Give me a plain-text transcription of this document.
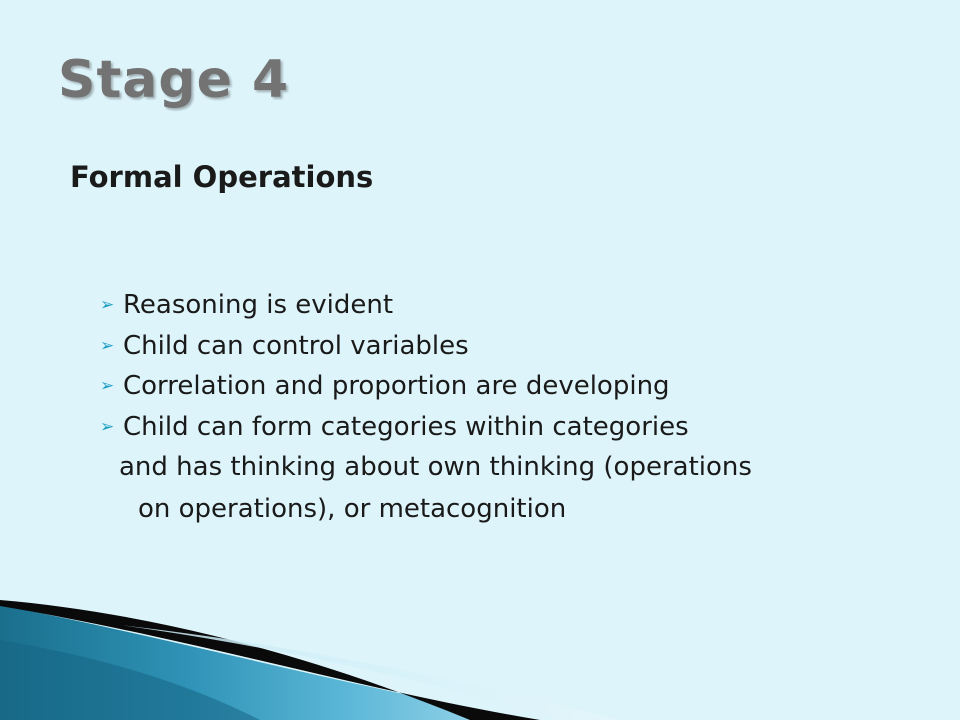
Stage 4
Formal Operations
➢ Reasoning is evident
➢ Child can control variables
➢ Correlation and proportion are developing
➢ Child can form categories within categories

and has thinking about own thinking (operations

on operations), or metacognition
